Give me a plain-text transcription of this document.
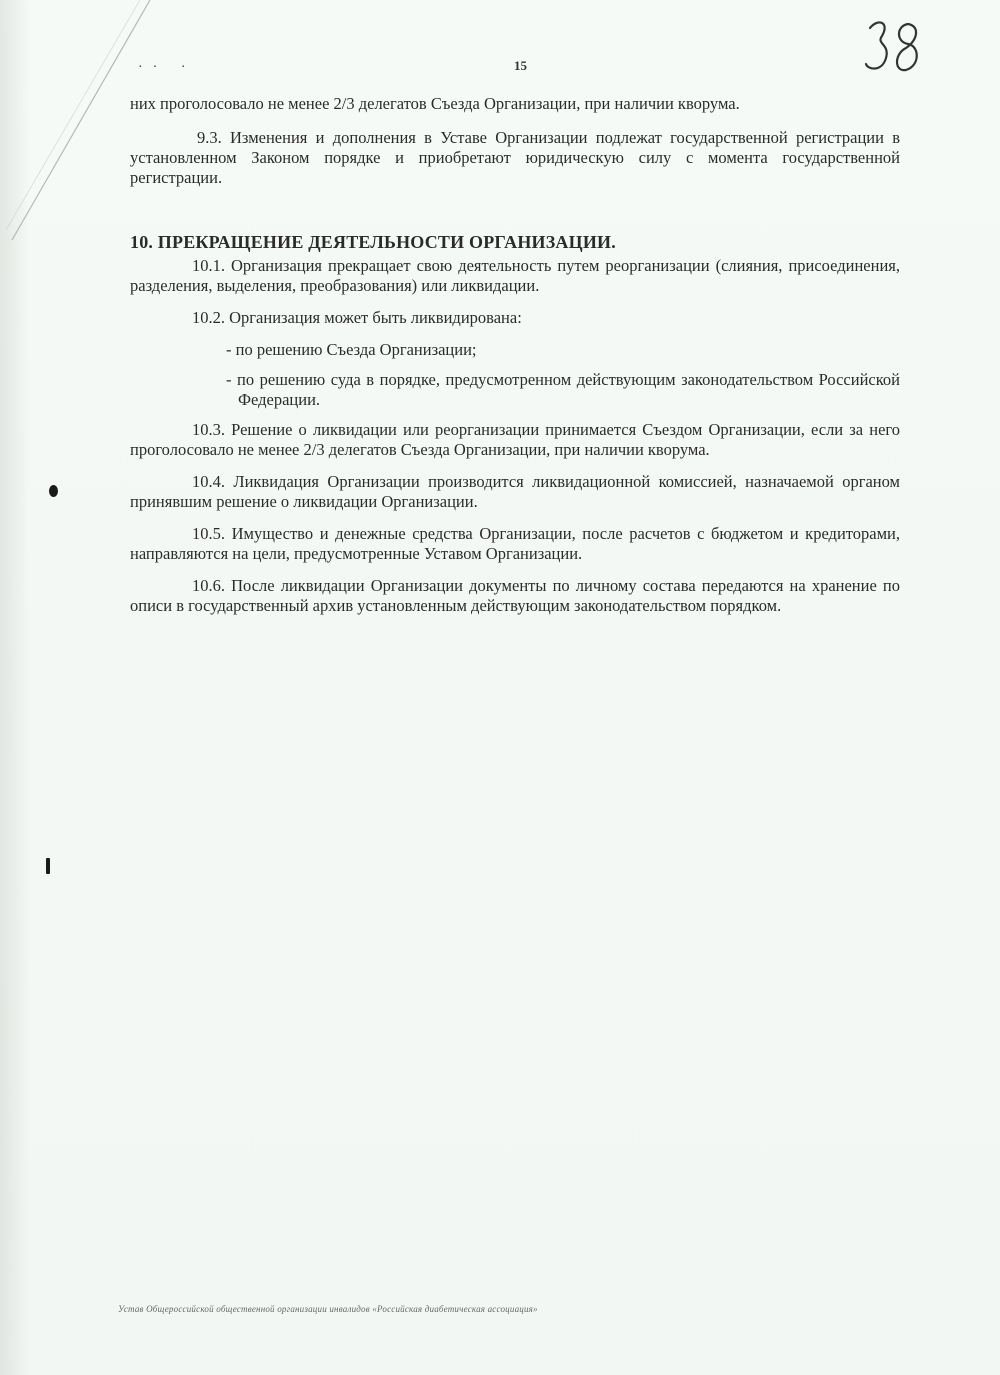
·· ·	15

них проголосовало не менее 2/3 делегатов Съезда Организации, при наличии кворума.

9.3. Изменения и дополнения в Уставе Организации подлежат государственной регистрации в установленном Законом порядке и приобретают юридическую силу с момента государственной регистрации.

10. ПРЕКРАЩЕНИЕ ДЕЯТЕЛЬНОСТИ ОРГАНИЗАЦИИ.

10.1. Организация прекращает свою деятельность путем реорганизации (слияния, присоединения, разделения, выделения, преобразования) или ликвидации.

10.2. Организация может быть ликвидирована:

- по решению Съезда Организации;

- по решению суда в порядке, предусмотренном действующим законодательством Российской Федерации.

10.3. Решение о ликвидации или реорганизации принимается Съездом Организации, если за него проголосовало не менее 2/3 делегатов Съезда Организации, при наличии кворума.

10.4. Ликвидация Организации производится ликвидационной комиссией, назначаемой органом принявшим решение о ликвидации Организации.

10.5. Имущество и денежные средства Организации, после расчетов с бюджетом и кредиторами, направляются на цели, предусмотренные Уставом Организации.

10.6. После ликвидации Организации документы по личному состава передаются на хранение по описи в государственный архив установленным действующим законодательством порядком.

Устав Общероссийской общественной организации инвалидов «Российская диабетическая ассоциация»
